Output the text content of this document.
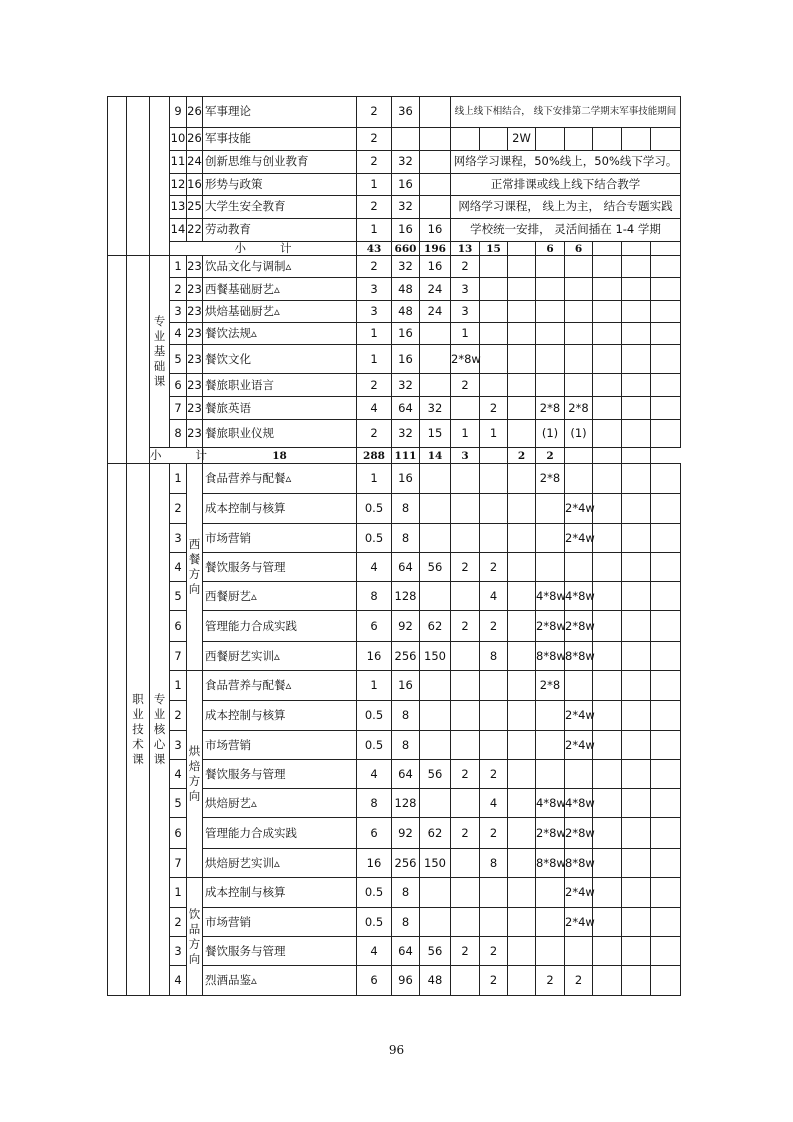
			9	26	军事理论	2	36		线上线下相结合， 线下安排第二学期末军事技能期间							
			10	26	军事技能	2					2W					
			11	24	创新思维与创业教育	2	32		网络学习课程，50%线上，50%线下学习。							
			12	16	形势与政策	1	16		正常排课或线上线下结合教学							
			13	25	大学生安全教育	2	32		网络学习课程， 线上为主， 结合专题实践							
			14	22	劳动教育	1	16	16	学校统一安排， 灵活间插在 1-4 学期							
			小 计			43	660	196	13	15		6	6			

		专业基础课	1	23	饮品文化与调制▵	2	32	16	2							
			2	23	西餐基础厨艺▵	3	48	24	3							
			3	23	烘焙基础厨艺▵	3	48	24	3							
			4	23	餐饮法规▵	1	16		1							
			5	23	餐饮文化	1	16		2*8w							
			6	23	餐旅职业语言	2	32		2							
			7	23	餐旅英语	4	64	32		2		2*8	2*8			
			8	23	餐旅职业仪规	2	32	15	1	1		(1)	(1)			
		小 计			18	288	111	14	3		2	2				

	职业技术课	专业核心课	1	西餐方向	食品营养与配餐▵	1	16					2*8				
			2		成本控制与核算	0.5	8						2*4w			
			3		市场营销	0.5	8						2*4w			
			4		餐饮服务与管理	4	64	56	2	2						
			5		西餐厨艺▵	8	128			4		4*8w	4*8w			
			6		管理能力合成实践	6	92	62	2	2		2*8w	2*8w			
			7		西餐厨艺实训▵	16	256	150		8		8*8w	8*8w			
			1	烘焙方向	食品营养与配餐▵	1	16					2*8				
			2		成本控制与核算	0.5	8						2*4w			
			3		市场营销	0.5	8						2*4w			
			4		餐饮服务与管理	4	64	56	2	2						
			5		烘焙厨艺▵	8	128			4		4*8w	4*8w			
			6		管理能力合成实践	6	92	62	2	2		2*8w	2*8w			
			7		烘焙厨艺实训▵	16	256	150		8		8*8w	8*8w			
			1	饮品方向	成本控制与核算	0.5	8						2*4w			
			2		市场营销	0.5	8						2*4w			
			3		餐饮服务与管理	4	64	56	2	2						
			4		烈酒品鉴▵	6	96	48		2		2	2			
96
